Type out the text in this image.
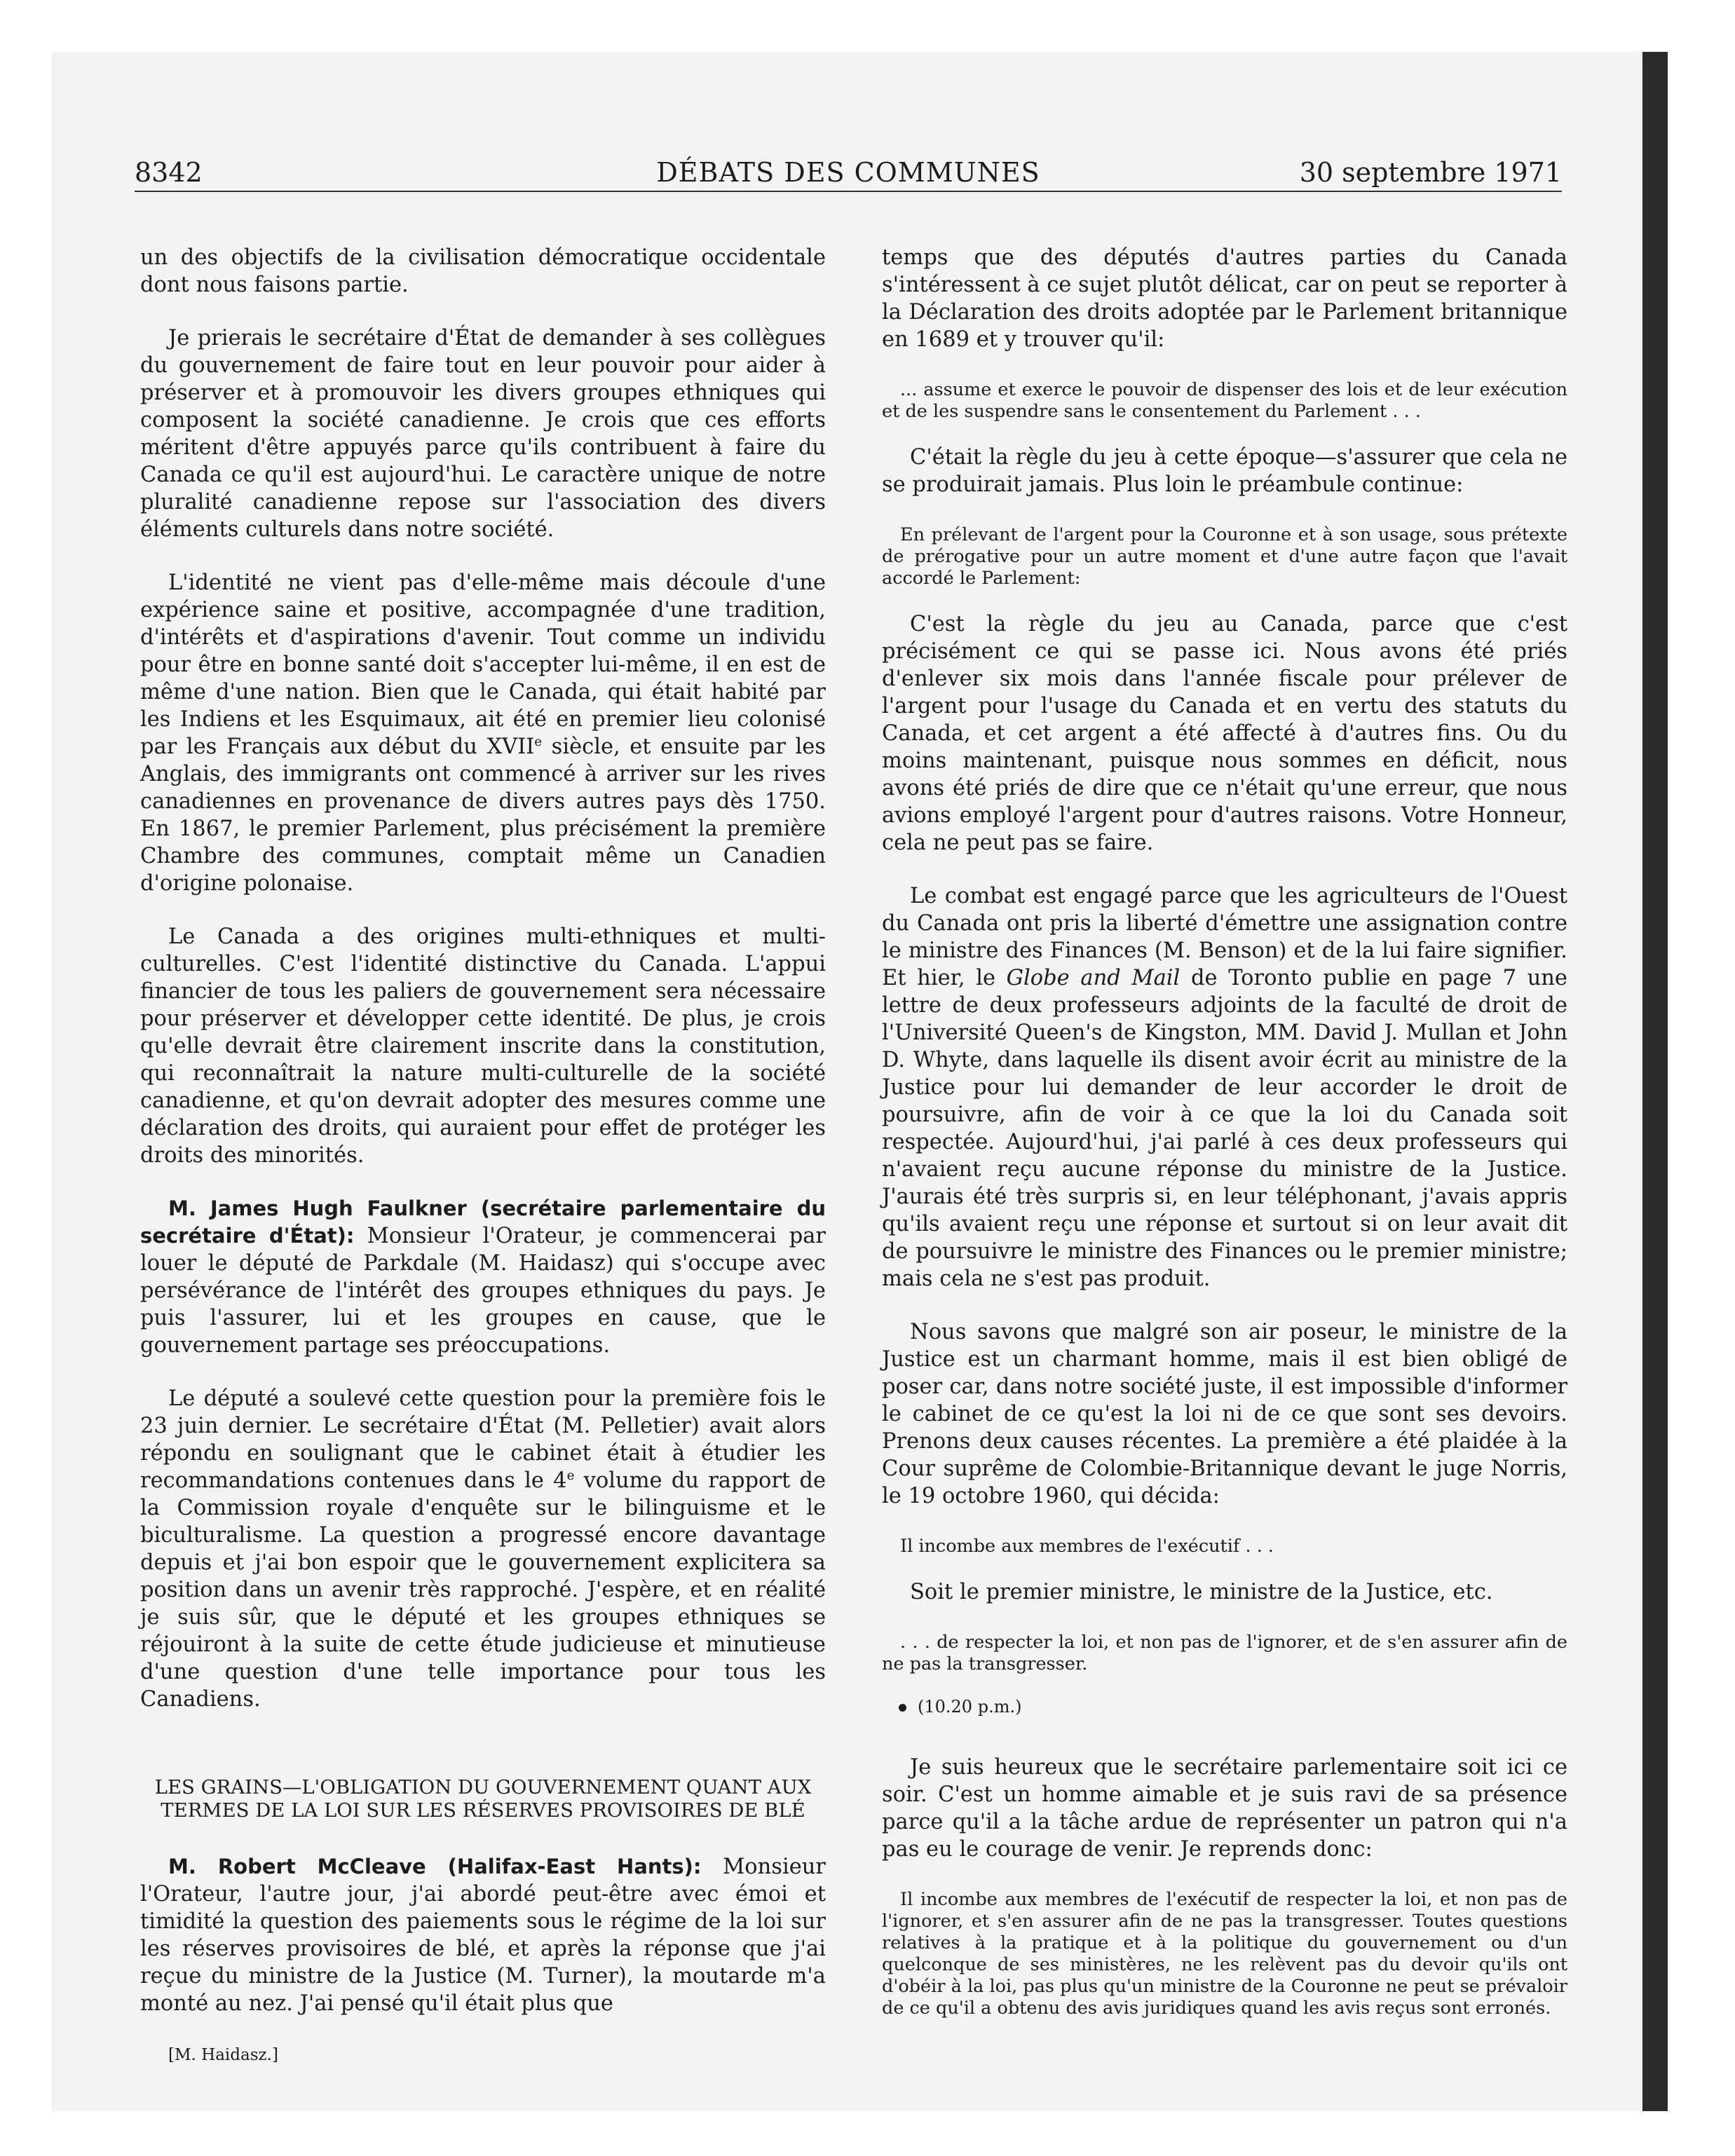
8342	DÉBATS DES COMMUNES	30 septembre 1971

un des objectifs de la civilisation démocratique occidentale dont nous faisons partie.

Je prierais le secrétaire d'État de demander à ses collègues du gouvernement de faire tout en leur pouvoir pour aider à préserver et à promouvoir les divers groupes ethniques qui composent la société canadienne. Je crois que ces efforts méritent d'être appuyés parce qu'ils contribuent à faire du Canada ce qu'il est aujourd'hui. Le caractère unique de notre pluralité canadienne repose sur l'association des divers éléments culturels dans notre société.

L'identité ne vient pas d'elle-même mais découle d'une expérience saine et positive, accompagnée d'une tradition, d'intérêts et d'aspirations d'avenir. Tout comme un individu pour être en bonne santé doit s'accepter lui-même, il en est de même d'une nation. Bien que le Canada, qui était habité par les Indiens et les Esquimaux, ait été en premier lieu colonisé par les Français aux début du XVIIe siècle, et ensuite par les Anglais, des immigrants ont commencé à arriver sur les rives canadiennes en provenance de divers autres pays dès 1750. En 1867, le premier Parlement, plus précisément la première Chambre des communes, comptait même un Canadien d'origine polonaise.

Le Canada a des origines multi-ethniques et multi-culturelles. C'est l'identité distinctive du Canada. L'appui financier de tous les paliers de gouvernement sera nécessaire pour préserver et développer cette identité. De plus, je crois qu'elle devrait être clairement inscrite dans la constitution, qui reconnaîtrait la nature multi-culturelle de la société canadienne, et qu'on devrait adopter des mesures comme une déclaration des droits, qui auraient pour effet de protéger les droits des minorités.

M. James Hugh Faulkner (secrétaire parlementaire du secrétaire d'État): Monsieur l'Orateur, je commencerai par louer le député de Parkdale (M. Haidasz) qui s'occupe avec persévérance de l'intérêt des groupes ethniques du pays. Je puis l'assurer, lui et les groupes en cause, que le gouvernement partage ses préoccupations.

Le député a soulevé cette question pour la première fois le 23 juin dernier. Le secrétaire d'État (M. Pelletier) avait alors répondu en soulignant que le cabinet était à étudier les recommandations contenues dans le 4e volume du rapport de la Commission royale d'enquête sur le bilinguisme et le biculturalisme. La question a progressé encore davantage depuis et j'ai bon espoir que le gouvernement explicitera sa position dans un avenir très rapproché. J'espère, et en réalité je suis sûr, que le député et les groupes ethniques se réjouiront à la suite de cette étude judicieuse et minutieuse d'une question d'une telle importance pour tous les Canadiens.

LES GRAINS—L'OBLIGATION DU GOUVERNEMENT QUANT AUX TERMES DE LA LOI SUR LES RÉSERVES PROVISOIRES DE BLÉ

M. Robert McCleave (Halifax-East Hants): Monsieur l'Orateur, l'autre jour, j'ai abordé peut-être avec émoi et timidité la question des paiements sous le régime de la loi sur les réserves provisoires de blé, et après la réponse que j'ai reçue du ministre de la Justice (M. Turner), la moutarde m'a monté au nez. J'ai pensé qu'il était plus que

[M. Haidasz.]

temps que des députés d'autres parties du Canada s'intéressent à ce sujet plutôt délicat, car on peut se reporter à la Déclaration des droits adoptée par le Parlement britannique en 1689 et y trouver qu'il:

... assume et exerce le pouvoir de dispenser des lois et de leur exécution et de les suspendre sans le consentement du Parlement . . .

C'était la règle du jeu à cette époque—s'assurer que cela ne se produirait jamais. Plus loin le préambule continue:

En prélevant de l'argent pour la Couronne et à son usage, sous prétexte de prérogative pour un autre moment et d'une autre façon que l'avait accordé le Parlement:

C'est la règle du jeu au Canada, parce que c'est précisément ce qui se passe ici. Nous avons été priés d'enlever six mois dans l'année fiscale pour prélever de l'argent pour l'usage du Canada et en vertu des statuts du Canada, et cet argent a été affecté à d'autres fins. Ou du moins maintenant, puisque nous sommes en déficit, nous avons été priés de dire que ce n'était qu'une erreur, que nous avions employé l'argent pour d'autres raisons. Votre Honneur, cela ne peut pas se faire.

Le combat est engagé parce que les agriculteurs de l'Ouest du Canada ont pris la liberté d'émettre une assignation contre le ministre des Finances (M. Benson) et de la lui faire signifier. Et hier, le Globe and Mail de Toronto publie en page 7 une lettre de deux professeurs adjoints de la faculté de droit de l'Université Queen's de Kingston, MM. David J. Mullan et John D. Whyte, dans laquelle ils disent avoir écrit au ministre de la Justice pour lui demander de leur accorder le droit de poursuivre, afin de voir à ce que la loi du Canada soit respectée. Aujourd'hui, j'ai parlé à ces deux professeurs qui n'avaient reçu aucune réponse du ministre de la Justice. J'aurais été très surpris si, en leur téléphonant, j'avais appris qu'ils avaient reçu une réponse et surtout si on leur avait dit de poursuivre le ministre des Finances ou le premier ministre; mais cela ne s'est pas produit.

Nous savons que malgré son air poseur, le ministre de la Justice est un charmant homme, mais il est bien obligé de poser car, dans notre société juste, il est impossible d'informer le cabinet de ce qu'est la loi ni de ce que sont ses devoirs. Prenons deux causes récentes. La première a été plaidée à la Cour suprême de Colombie-Britannique devant le juge Norris, le 19 octobre 1960, qui décida:

Il incombe aux membres de l'exécutif . . .

Soit le premier ministre, le ministre de la Justice, etc.

. . . de respecter la loi, et non pas de l'ignorer, et de s'en assurer afin de ne pas la transgresser.

(10.20 p.m.)

Je suis heureux que le secrétaire parlementaire soit ici ce soir. C'est un homme aimable et je suis ravi de sa présence parce qu'il a la tâche ardue de représenter un patron qui n'a pas eu le courage de venir. Je reprends donc:

Il incombe aux membres de l'exécutif de respecter la loi, et non pas de l'ignorer, et s'en assurer afin de ne pas la transgresser. Toutes questions relatives à la pratique et à la politique du gouvernement ou d'un quelconque de ses ministères, ne les relèvent pas du devoir qu'ils ont d'obéir à la loi, pas plus qu'un ministre de la Couronne ne peut se prévaloir de ce qu'il a obtenu des avis juridiques quand les avis reçus sont erronés.
